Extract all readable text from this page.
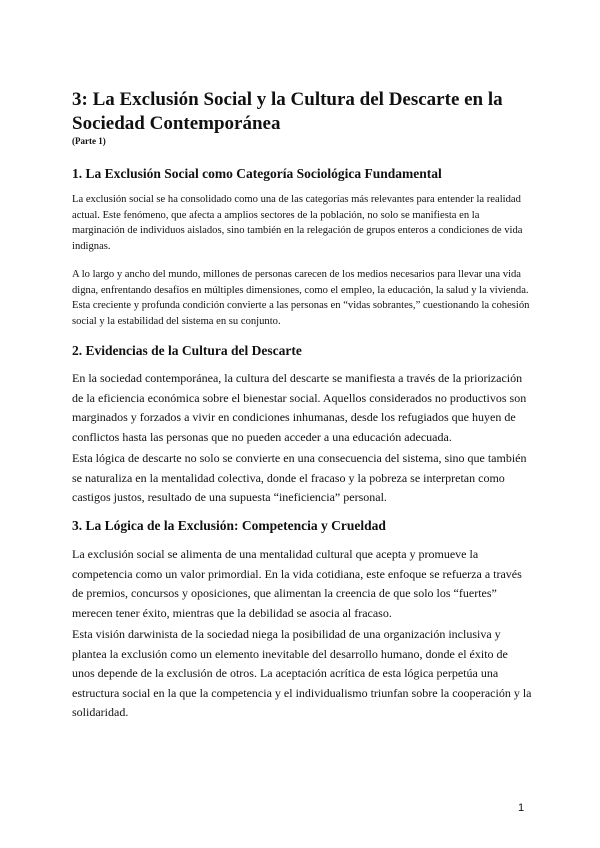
3: La Exclusión Social y la Cultura del Descarte en la Sociedad Contemporánea

(Parte 1)

1. La Exclusión Social como Categoría Sociológica Fundamental

La exclusión social se ha consolidado como una de las categorías más relevantes para entender la realidad actual. Este fenómeno, que afecta a amplios sectores de la población, no solo se manifiesta en la marginación de individuos aislados, sino también en la relegación de grupos enteros a condiciones de vida indignas.

A lo largo y ancho del mundo, millones de personas carecen de los medios necesarios para llevar una vida digna, enfrentando desafíos en múltiples dimensiones, como el empleo, la educación, la salud y la vivienda. Esta creciente y profunda condición convierte a las personas en “vidas sobrantes,” cuestionando la cohesión social y la estabilidad del sistema en su conjunto.

2. Evidencias de la Cultura del Descarte

En la sociedad contemporánea, la cultura del descarte se manifiesta a través de la priorización de la eficiencia económica sobre el bienestar social. Aquellos considerados no productivos son marginados y forzados a vivir en condiciones inhumanas, desde los refugiados que huyen de conflictos hasta las personas que no pueden acceder a una educación adecuada.

Esta lógica de descarte no solo se convierte en una consecuencia del sistema, sino que también se naturaliza en la mentalidad colectiva, donde el fracaso y la pobreza se interpretan como castigos justos, resultado de una supuesta “ineficiencia” personal.

3. La Lógica de la Exclusión: Competencia y Crueldad

La exclusión social se alimenta de una mentalidad cultural que acepta y promueve la competencia como un valor primordial. En la vida cotidiana, este enfoque se refuerza a través de premios, concursos y oposiciones, que alimentan la creencia de que solo los “fuertes” merecen tener éxito, mientras que la debilidad se asocia al fracaso.

Esta visión darwinista de la sociedad niega la posibilidad de una organización inclusiva y plantea la exclusión como un elemento inevitable del desarrollo humano, donde el éxito de unos depende de la exclusión de otros. La aceptación acrítica de esta lógica perpetúa una estructura social en la que la competencia y el individualismo triunfan sobre la cooperación y la solidaridad.

1
